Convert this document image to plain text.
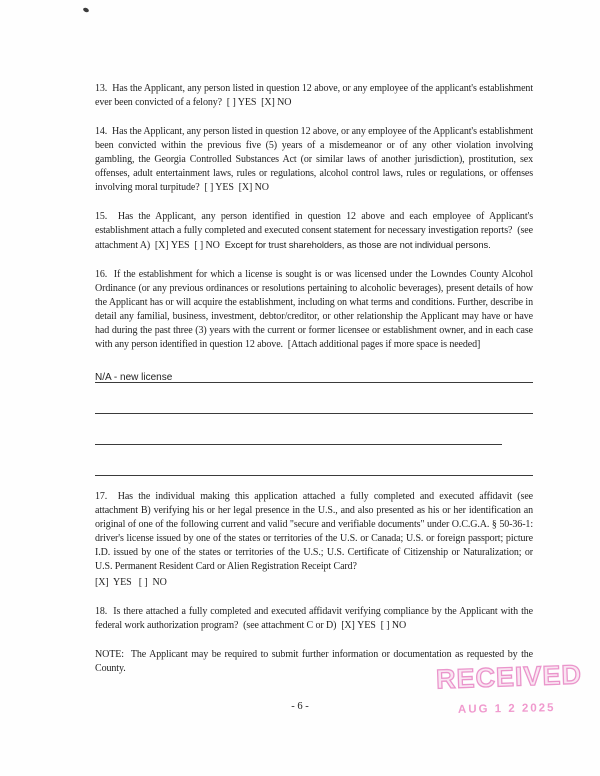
13.  Has the Applicant, any person listed in question 12 above, or any employee of the applicant's establishment ever been convicted of a felony?  [ ] YES  [X] NO

14.  Has the Applicant, any person listed in question 12 above, or any employee of the Applicant's establishment been convicted within the previous five (5) years of a misdemeanor or of any other violation involving gambling, the Georgia Controlled Substances Act (or similar laws of another jurisdiction), prostitution, sex offenses, adult entertainment laws, rules or regulations, alcohol control laws, rules or regulations, or offenses involving moral turpitude?  [ ] YES  [X] NO

15.  Has the Applicant, any person identified in question 12 above and each employee of Applicant's establishment attach a fully completed and executed consent statement for necessary investigation reports?  (see attachment A)  [X] YES  [ ] NO Except for trust shareholders, as those are not individual persons.

16.  If the establishment for which a license is sought is or was licensed under the Lowndes County Alcohol Ordinance (or any previous ordinances or resolutions pertaining to alcoholic beverages), present details of how the Applicant has or will acquire the establishment, including on what terms and conditions. Further, describe in detail any familial, business, investment, debtor/creditor, or other relationship the Applicant may have or have had during the past three (3) years with the current or former licensee or establishment owner, and in each case with any person identified in question 12 above.  [Attach additional pages if more space is needed]

N/A - new license

17.  Has the individual making this application attached a fully completed and executed affidavit (see attachment B) verifying his or her legal presence in the U.S., and also presented as his or her identification an original of one of the following current and valid "secure and verifiable documents" under O.C.G.A. § 50-36-1: driver's license issued by one of the states or territories of the U.S. or Canada; U.S. or foreign passport; picture I.D. issued by one of the states or territories of the U.S.; U.S. Certificate of Citizenship or Naturalization; or U.S. Permanent Resident Card or Alien Registration Receipt Card?

[X]  YES   [ ]  NO

18.  Is there attached a fully completed and executed affidavit verifying compliance by the Applicant with the federal work authorization program?  (see attachment C or D)  [X] YES  [ ] NO

NOTE:  The Applicant may be required to submit further information or documentation as requested by the County.

- 6 -
RECEIVED
AUG 1 2 2025
